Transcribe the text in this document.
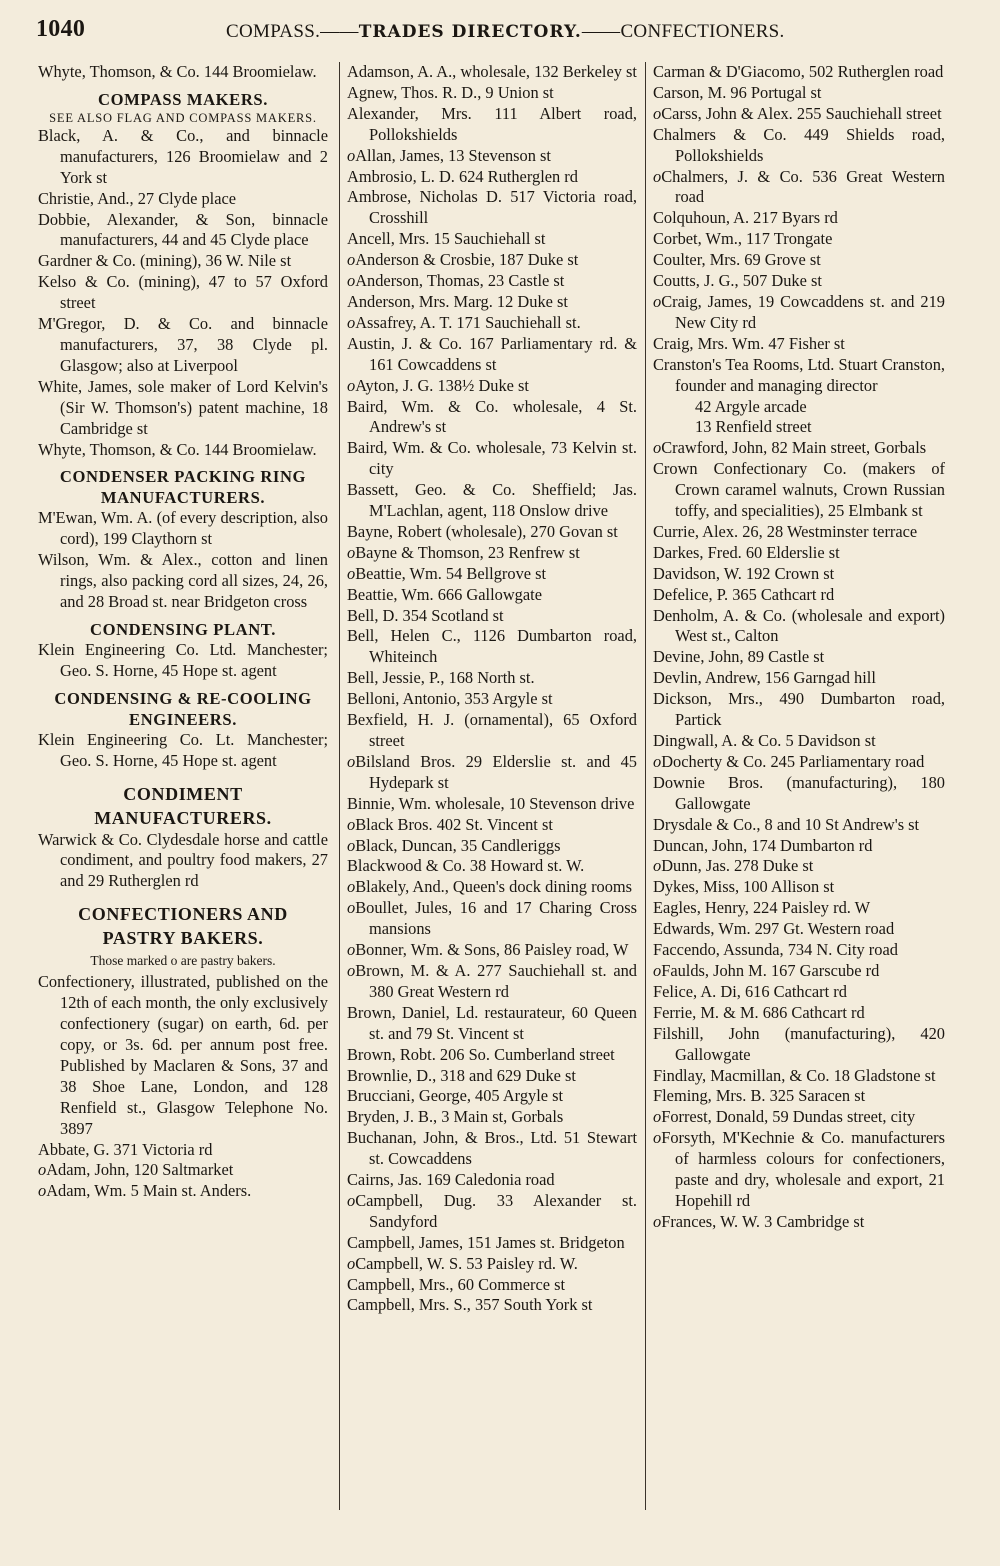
1040	COMPASS.——TRADES DIRECTORY.——CONFECTIONERS.
Whyte, Thomson, & Co. 144 Broomielaw.
COMPASS MAKERS.
SEE ALSO FLAG AND COMPASS MAKERS.
Black, A. & Co., and binnacle manufacturers, 126 Broomielaw and 2 York st
Christie, And., 27 Clyde place
Dobbie, Alexander, & Son, binnacle manufacturers, 44 and 45 Clyde place
Gardner & Co. (mining), 36 W. Nile st
Kelso & Co. (mining), 47 to 57 Oxford street
M'Gregor, D. & Co. and binnacle manufacturers, 37, 38 Clyde pl. Glasgow; also at Liverpool
White, James, sole maker of Lord Kelvin's (Sir W. Thomson's) patent machine, 18 Cambridge st
Whyte, Thomson, & Co. 144 Broomielaw.
CONDENSER PACKING RING MANUFACTURERS.
M'Ewan, Wm. A. (of every description, also cord), 199 Claythorn st
Wilson, Wm. & Alex., cotton and linen rings, also packing cord all sizes, 24, 26, and 28 Broad st. near Bridgeton cross
CONDENSING PLANT.
Klein Engineering Co. Ltd. Manchester; Geo. S. Horne, 45 Hope st. agent
CONDENSING & RE-COOLING ENGINEERS.
Klein Engineering Co. Lt. Manchester; Geo. S. Horne, 45 Hope st. agent
CONDIMENT MANUFACTURERS.
Warwick & Co. Clydesdale horse and cattle condiment, and poultry food makers, 27 and 29 Rutherglen rd
CONFECTIONERS AND PASTRY BAKERS.
Those marked o are pastry bakers.
Confectionery, illustrated, published on the 12th of each month, the only exclusively confectionery (sugar) on earth, 6d. per copy, or 3s. 6d. per annum post free. Published by Maclaren & Sons, 37 and 38 Shoe Lane, London, and 128 Renfield st., Glasgow Telephone No. 3897
Abbate, G. 371 Victoria rd
oAdam, John, 120 Saltmarket
oAdam, Wm. 5 Main st. Anders.
Adamson, A. A., wholesale, 132 Berkeley st
Agnew, Thos. R. D., 9 Union st
Alexander, Mrs. 111 Albert road, Pollokshields
oAllan, James, 13 Stevenson st
Ambrosio, L. D. 624 Rutherglen rd
Ambrose, Nicholas D. 517 Victoria road, Crosshill
Ancell, Mrs. 15 Sauchiehall st
oAnderson & Crosbie, 187 Duke st
oAnderson, Thomas, 23 Castle st
Anderson, Mrs. Marg. 12 Duke st
oAssafrey, A. T. 171 Sauchiehall st.
Austin, J. & Co. 167 Parliamentary rd. & 161 Cowcaddens st
oAyton, J. G. 138½ Duke st
Baird, Wm. & Co. wholesale, 4 St. Andrew's st
Baird, Wm. & Co. wholesale, 73 Kelvin st. city
Bassett, Geo. & Co. Sheffield; Jas. M'Lachlan, agent, 118 Onslow drive
Bayne, Robert (wholesale), 270 Govan st
oBayne & Thomson, 23 Renfrew st
oBeattie, Wm. 54 Bellgrove st
Beattie, Wm. 666 Gallowgate
Bell, D. 354 Scotland st
Bell, Helen C., 1126 Dumbarton road, Whiteinch
Bell, Jessie, P., 168 North st.
Belloni, Antonio, 353 Argyle st
Bexfield, H. J. (ornamental), 65 Oxford street
oBilsland Bros. 29 Elderslie st. and 45 Hydepark st
Binnie, Wm. wholesale, 10 Stevenson drive
oBlack Bros. 402 St. Vincent st
oBlack, Duncan, 35 Candleriggs
Blackwood & Co. 38 Howard st. W.
oBlakely, And., Queen's dock dining rooms
oBoullet, Jules, 16 and 17 Charing Cross mansions
oBonner, Wm. & Sons, 86 Paisley road, W
oBrown, M. & A. 277 Sauchiehall st. and 380 Great Western rd
Brown, Daniel, Ld. restaurateur, 60 Queen st. and 79 St. Vincent st
Brown, Robt. 206 So. Cumberland street
Brownlie, D., 318 and 629 Duke st
Brucciani, George, 405 Argyle st
Bryden, J. B., 3 Main st, Gorbals
Buchanan, John, & Bros., Ltd. 51 Stewart st. Cowcaddens
Cairns, Jas. 169 Caledonia road
oCampbell, Dug. 33 Alexander st. Sandyford
Campbell, James, 151 James st. Bridgeton
oCampbell, W. S. 53 Paisley rd. W.
Campbell, Mrs., 60 Commerce st
Campbell, Mrs. S., 357 South York st
Carman & D'Giacomo, 502 Rutherglen road
Carson, M. 96 Portugal st
oCarss, John & Alex. 255 Sauchiehall street
Chalmers & Co. 449 Shields road, Pollokshields
oChalmers, J. & Co. 536 Great Western road
Colquhoun, A. 217 Byars rd
Corbet, Wm., 117 Trongate
Coulter, Mrs. 69 Grove st
Coutts, J. G., 507 Duke st
oCraig, James, 19 Cowcaddens st. and 219 New City rd
Craig, Mrs. Wm. 47 Fisher st
Cranston's Tea Rooms, Ltd. Stuart Cranston, founder and managing director
42 Argyle arcade
13 Renfield street
oCrawford, John, 82 Main street, Gorbals
Crown Confectionary Co. (makers of Crown caramel walnuts, Crown Russian toffy, and specialities), 25 Elmbank st
Currie, Alex. 26, 28 Westminster terrace
Darkes, Fred. 60 Elderslie st
Davidson, W. 192 Crown st
Defelice, P. 365 Cathcart rd
Denholm, A. & Co. (wholesale and export) West st., Calton
Devine, John, 89 Castle st
Devlin, Andrew, 156 Garngad hill
Dickson, Mrs., 490 Dumbarton road, Partick
Dingwall, A. & Co. 5 Davidson st
oDocherty & Co. 245 Parliamentary road
Downie Bros. (manufacturing), 180 Gallowgate
Drysdale & Co., 8 and 10 St Andrew's st
Duncan, John, 174 Dumbarton rd
oDunn, Jas. 278 Duke st
Dykes, Miss, 100 Allison st
Eagles, Henry, 224 Paisley rd. W
Edwards, Wm. 297 Gt. Western road
Faccendo, Assunda, 734 N. City road
oFaulds, John M. 167 Garscube rd
Felice, A. Di, 616 Cathcart rd
Ferrie, M. & M. 686 Cathcart rd
Filshill, John (manufacturing), 420 Gallowgate
Findlay, Macmillan, & Co. 18 Gladstone st
Fleming, Mrs. B. 325 Saracen st
oForrest, Donald, 59 Dundas street, city
oForsyth, M'Kechnie & Co. manufacturers of harmless colours for confectioners, paste and dry, wholesale and export, 21 Hopehill rd
oFrances, W. W. 3 Cambridge st
